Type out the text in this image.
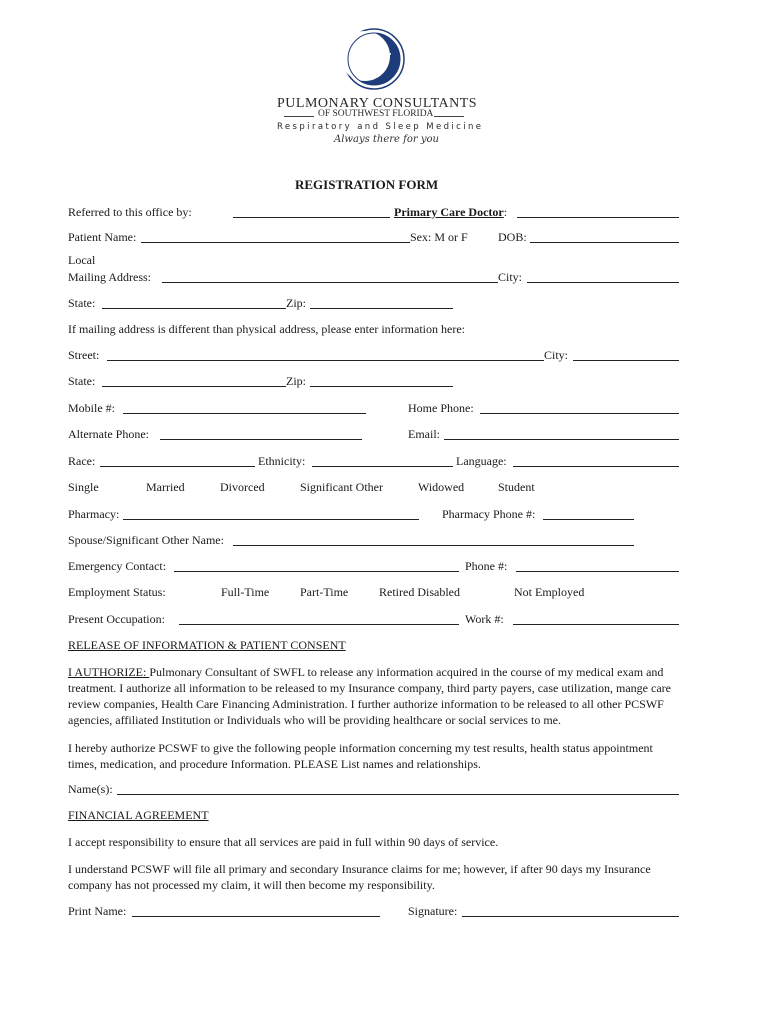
PULMONARY CONSULTANTS
OF SOUTHWEST FLORIDA
Respiratory and Sleep Medicine
Always there for you
REGISTRATION FORM
Referred to this office by:	Primary Care Doctor:
Patient Name:	Sex: M or F	DOB:
Local
Mailing Address:	City:
State:	Zip:
If mailing address is different than physical address, please enter information here:
Street:	City:
State:	Zip:
Mobile #:	Home Phone:
Alternate Phone:	Email:
Race:	Ethnicity:	Language:
Single	Married	Divorced	Significant Other	Widowed	Student
Pharmacy:	Pharmacy Phone #:
Spouse/Significant Other Name:
Emergency Contact:	Phone #:
Employment Status:	Full-Time	Part-Time	Retired Disabled	Not Employed
Present Occupation:	Work #:
RELEASE OF INFORMATION & PATIENT CONSENT
I AUTHORIZE: Pulmonary Consultant of SWFL to release any information acquired in the course of my medical exam and treatment. I authorize all information to be released to my Insurance company, third party payers, case utilization, mange care review companies, Health Care Financing Administration. I further authorize information to be released to all other PCSWF agencies, affiliated Institution or Individuals who will be providing healthcare or social services to me.
I hereby authorize PCSWF to give the following people information concerning my test results, health status appointment times, medication, and procedure Information. PLEASE List names and relationships.
Name(s):
FINANCIAL AGREEMENT
I accept responsibility to ensure that all services are paid in full within 90 days of service.
I understand PCSWF will file all primary and secondary Insurance claims for me; however, if after 90 days my Insurance company has not processed my claim, it will then become my responsibility.
Print Name:	Signature:
